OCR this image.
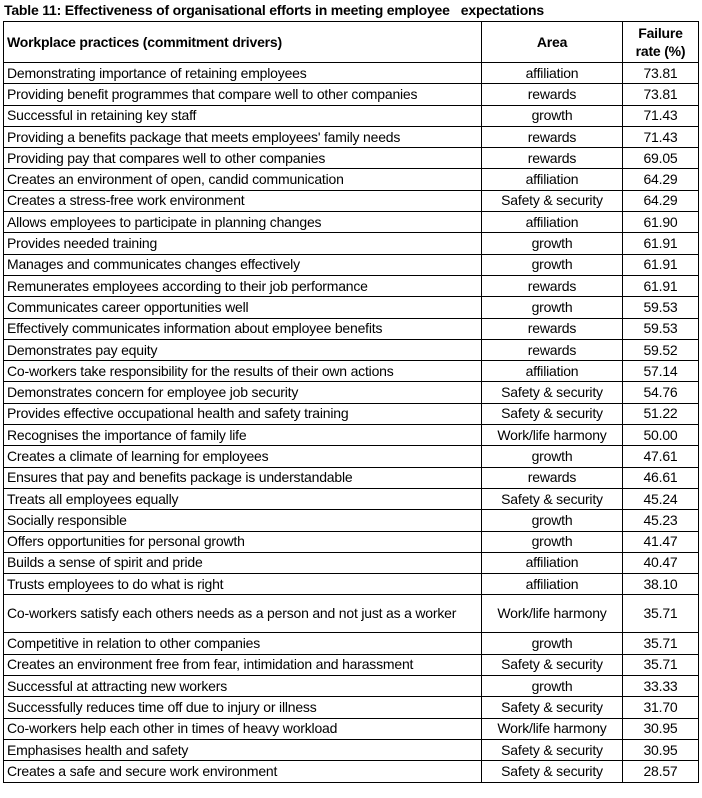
Table 11: Effectiveness of organisational efforts in meeting employee   expectations
Workplace practices (commitment drivers)	Area	Failure
rate (%)
Demonstrating importance of retaining employees	affiliation	73.81
Providing benefit programmes that compare well to other companies	rewards	73.81
Successful in retaining key staff	growth	71.43
Providing a benefits package that meets employees' family needs	rewards	71.43
Providing pay that compares well to other companies	rewards	69.05
Creates an environment of open, candid communication	affiliation	64.29
Creates a stress-free work environment	Safety & security	64.29
Allows employees to participate in planning changes	affiliation	61.90
Provides needed training	growth	61.91
Manages and communicates changes effectively	growth	61.91
Remunerates employees according to their job performance	rewards	61.91
Communicates career opportunities well	growth	59.53
Effectively communicates information about employee benefits	rewards	59.53
Demonstrates pay equity	rewards	59.52
Co-workers take responsibility for the results of their own actions	affiliation	57.14
Demonstrates concern for employee job security	Safety & security	54.76
Provides effective occupational health and safety training	Safety & security	51.22
Recognises the importance of family life	Work/life harmony	50.00
Creates a climate of learning for employees	growth	47.61
Ensures that pay and benefits package is understandable	rewards	46.61
Treats all employees equally	Safety & security	45.24
Socially responsible	growth	45.23
Offers opportunities for personal growth	growth	41.47
Builds a sense of spirit and pride	affiliation	40.47
Trusts employees to do what is right	affiliation	38.10
Co-workers satisfy each others needs as a person and not just as a worker	Work/life harmony	35.71
Competitive in relation to other companies	growth	35.71
Creates an environment free from fear, intimidation and harassment	Safety & security	35.71
Successful at attracting new workers	growth	33.33
Successfully reduces time off due to injury or illness	Safety & security	31.70
Co-workers help each other in times of heavy workload	Work/life harmony	30.95
Emphasises health and safety	Safety & security	30.95
Creates a safe and secure work environment	Safety & security	28.57
